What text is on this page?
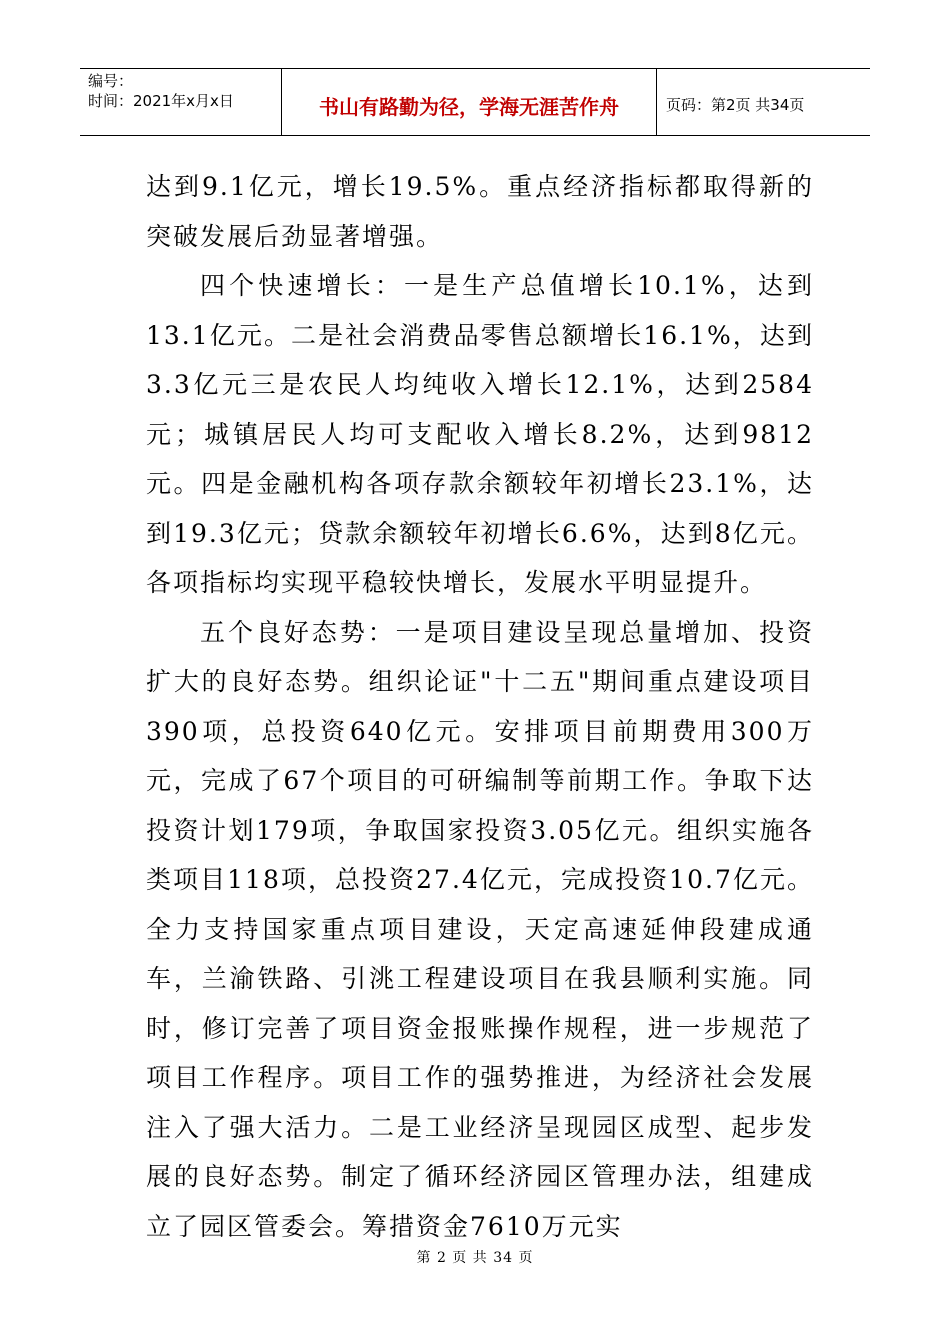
编号：
时间：2021年x月x日	书山有路勤为径，学海无涯苦作舟	页码：第2页 共34页

达到9.1亿元，增长19.5%。重点经济指标都取得新的突破发展后劲显著增强。

四个快速增长：一是生产总值增长10.1%，达到13.1亿元。二是社会消费品零售总额增长16.1%，达到3.3亿元三是农民人均纯收入增长12.1%，达到2584元；城镇居民人均可支配收入增长8.2%，达到9812元。四是金融机构各项存款余额较年初增长23.1%，达到19.3亿元；贷款余额较年初增长6.6%，达到8亿元。各项指标均实现平稳较快增长，发展水平明显提升。

五个良好态势：一是项目建设呈现总量增加、投资扩大的良好态势。组织论证"十二五"期间重点建设项目390项，总投资640亿元。安排项目前期费用300万元，完成了67个项目的可研编制等前期工作。争取下达投资计划179项，争取国家投资3.05亿元。组织实施各类项目118项，总投资27.4亿元，完成投资10.7亿元。全力支持国家重点项目建设，天定高速延伸段建成通车，兰渝铁路、引洮工程建设项目在我县顺利实施。同时，修订完善了项目资金报账操作规程，进一步规范了项目工作程序。项目工作的强势推进，为经济社会发展注入了强大活力。二是工业经济呈现园区成型、起步发展的良好态势。制定了循环经济园区管理办法，组建成立了园区管委会。筹措资金7610万元实

第 2 页 共 34 页
